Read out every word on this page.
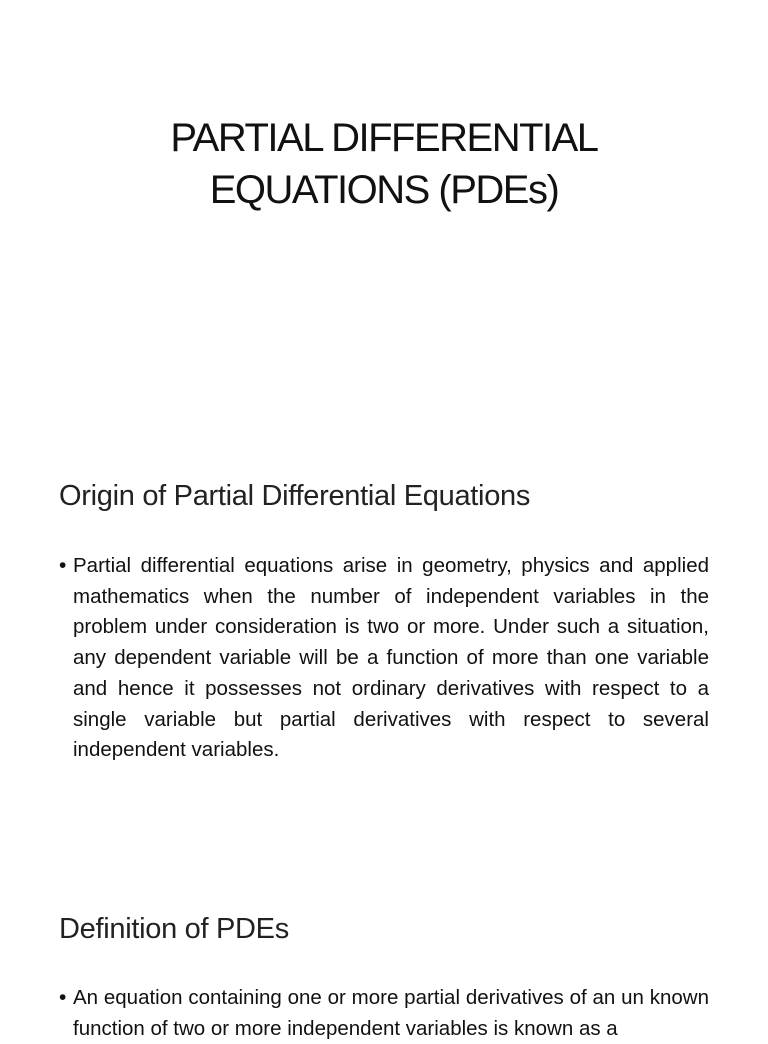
PARTIAL DIFFERENTIAL
EQUATIONS (PDEs)
Origin of Partial Differential Equations
• Partial differential equations arise in geometry, physics and applied mathematics when the number of independent variables in the problem under consideration is two or more. Under such a situation, any dependent variable will be a function of more than one variable and hence it possesses not ordinary derivatives with respect to a single variable but partial derivatives with respect to several independent variables.
Definition of PDEs
• An equation containing one or more partial derivatives of an un known function of two or more independent variables is known as a
